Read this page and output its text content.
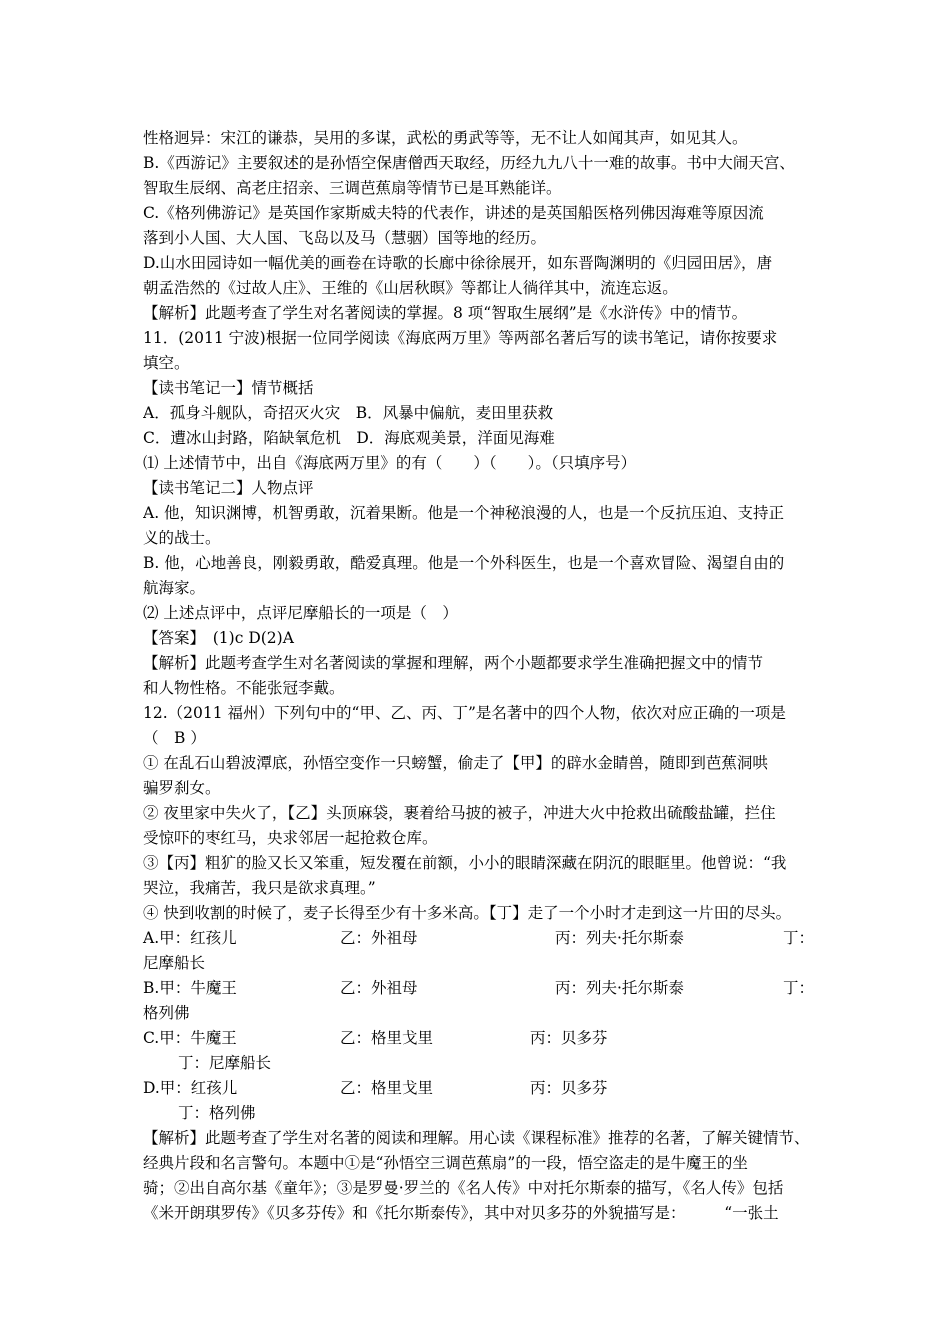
性格迥异：宋江的谦恭，吴用的多谋，武松的勇武等等，无不让人如闻其声，如见其人。
B.《西游记》主要叙述的是孙悟空保唐僧西天取经，历经九九八十一难的故事。书中大闹天宫、
智取生辰纲、高老庄招亲、三调芭蕉扇等情节已是耳熟能详。
C.《格列佛游记》是英国作家斯威夫特的代表作，讲述的是英国船医格列佛因海难等原因流
落到小人国、大人国、飞岛以及马（慧骃）国等地的经历。
D.山水田园诗如一幅优美的画卷在诗歌的长廊中徐徐展开，如东晋陶渊明的《归园田居》，唐
朝孟浩然的《过故人庄》、王维的《山居秋暝》等都让人徜徉其中，流连忘返。
【解析】此题考查了学生对名著阅读的掌握。8 项“智取生展纲”是《水浒传》中的情节。
11．(2011 宁波)根据一位同学阅读《海底两万里》等两部名著后写的读书笔记，请你按要求
填空。
【读书笔记一】情节概括
A．孤身斗舰队，奇招灭火灾　B．风暴中偏航，麦田里获救
C．遭冰山封路，陷缺氧危机　D．海底观美景，洋面见海难
⑴ 上述情节中，出自《海底两万里》的有（　　）（　　）。（只填序号）
【读书笔记二】人物点评
A. 他，知识渊博，机智勇敢，沉着果断。他是一个神秘浪漫的人，也是一个反抗压迫、支持正
义的战士。
B. 他，心地善良，刚毅勇敢，酷爱真理。他是一个外科医生，也是一个喜欢冒险、渴望自由的
航海家。
⑵ 上述点评中，点评尼摩船长的一项是（　）
【答案】　(1)c D(2)A
【解析】此题考查学生对名著阅读的掌握和理解，两个小题都要求学生准确把握文中的情节
和人物性格。不能张冠李戴。
12.（2011 福州）下列句中的“甲、乙、丙、丁”是名著中的四个人物，依次对应正确的一项是
（　B ）
① 在乱石山碧波潭底，孙悟空变作一只螃蟹，偷走了【甲】的辟水金睛兽，随即到芭蕉洞哄
骗罗刹女。
② 夜里家中失火了，【乙】头顶麻袋，裹着给马披的被子，冲进大火中抢救出硫酸盐罐，拦住
受惊吓的枣红马，央求邻居一起抢救仓库。
③【丙】粗犷的脸又长又笨重，短发覆在前额，小小的眼睛深藏在阴沉的眼眶里。他曾说：“我
哭泣，我痛苦，我只是欲求真理。”
④ 快到收割的时候了，麦子长得至少有十多米高。【丁】走了一个小时才走到这一片田的尽头。
A.甲：红孩儿	乙：外祖母	丙：列夫·托尔斯泰	丁：
尼摩船长
B.甲：牛魔王	乙：外祖母	丙：列夫·托尔斯泰	丁：
格列佛
C.甲：牛魔王	乙：格里戈里	丙：贝多芬
丁：尼摩船长
D.甲：红孩儿	乙：格里戈里	丙：贝多芬
丁：格列佛
【解析】此题考查了学生对名著的阅读和理解。用心读《课程标准》推荐的名著，了解关键情节、
经典片段和名言警句。本题中①是“孙悟空三调芭蕉扇”的一段，悟空盗走的是牛魔王的坐
骑；②出自高尔基《童年》；③是罗曼·罗兰的《名人传》中对托尔斯泰的描写，《名人传》包括
《米开朗琪罗传》《贝多芬传》和《托尔斯泰传》，其中对贝多芬的外貌描写是：　　　“一张土
